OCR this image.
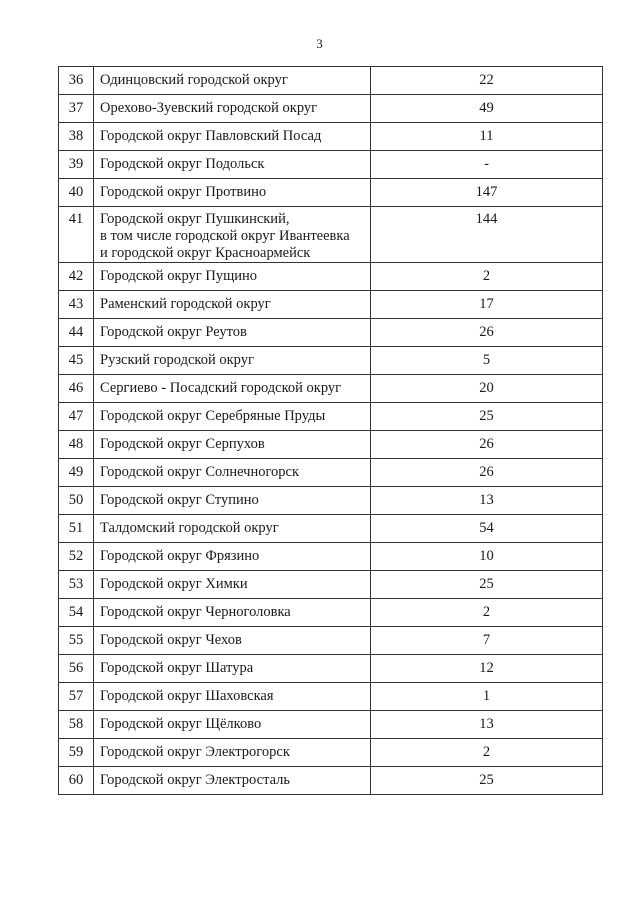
3
36	Одинцовский городской округ	22
37	Орехово-Зуевский городской округ	49
38	Городской округ Павловский Посад	11
39	Городской округ Подольск	-
40	Городской округ Протвино	147
41	Городской округ Пушкинский,
в том числе городской округ Ивантеевка
и городской округ Красноармейск	144
42	Городской округ Пущино	2
43	Раменский городской округ	17
44	Городской округ Реутов	26
45	Рузский городской округ	5
46	Сергиево - Посадский городской округ	20
47	Городской округ Серебряные Пруды	25
48	Городской округ Серпухов	26
49	Городской округ Солнечногорск	26
50	Городской округ Ступино	13
51	Талдомский городской округ	54
52	Городской округ Фрязино	10
53	Городской округ Химки	25
54	Городской округ Черноголовка	2
55	Городской округ Чехов	7
56	Городской округ Шатура	12
57	Городской округ Шаховская	1
58	Городской округ Щёлково	13
59	Городской округ Электрогорск	2
60	Городской округ Электросталь	25
